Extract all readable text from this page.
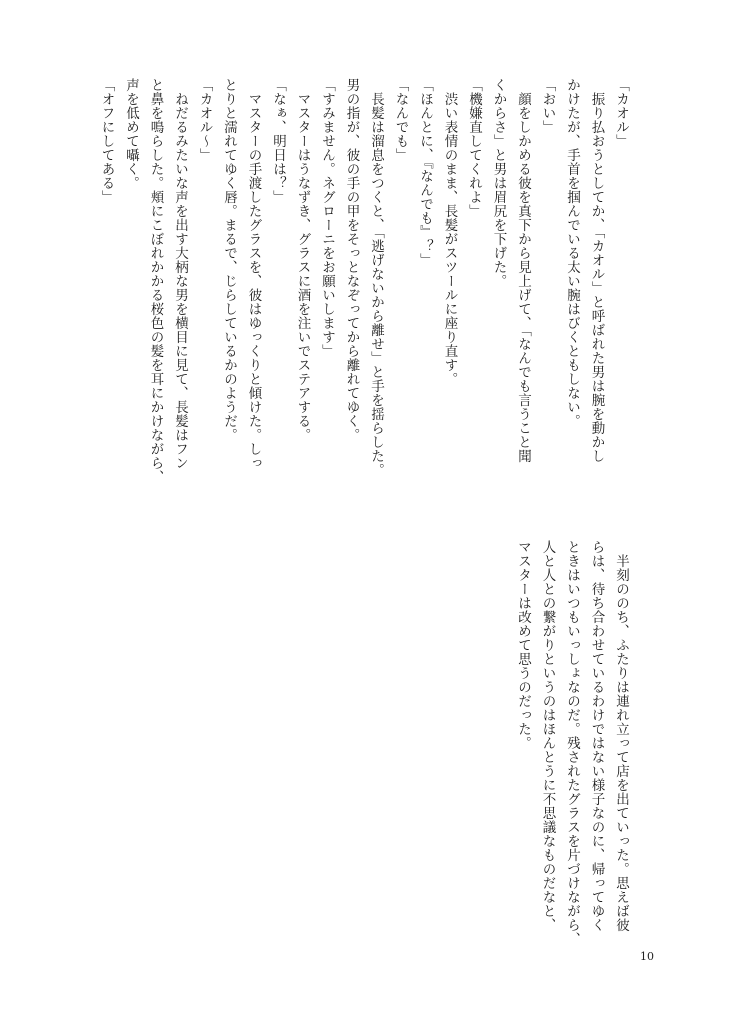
「カオル」
　振り払おうとしてか、「カオル」と呼ばれた男は腕を動かし
かけたが、手首を掴んでいる太い腕はびくともしない。
「おい」
　顔をしかめる彼を真下から見上げて、「なんでも言うこと聞
くからさ」と男は眉尻を下げた。
「機嫌直してくれよ」
　渋い表情のまま、長髪がスツールに座り直す。
「ほんとに、『なんでも』？」
「なんでも」
　長髪は溜息をつくと、「逃げないから離せ」と手を揺らした。
男の指が、彼の手の甲をそっとなぞってから離れてゆく。
「すみません。ネグローニをお願いします」
　マスターはうなずき、グラスに酒を注いでステアする。
「なぁ、明日は？」
　マスターの手渡したグラスを、彼はゆっくりと傾けた。しっ
とりと濡れてゆく唇。まるで、じらしているかのようだ。
「カオル～」
　ねだるみたいな声を出す大柄な男を横目に見て、長髪はフン
と鼻を鳴らした。頬にこぼれかかる桜色の髪を耳にかけながら、
声を低めて囁く。
「オフにしてある」
　半刻ののち、ふたりは連れ立って店を出ていった。思えば彼
らは、待ち合わせているわけではない様子なのに、帰ってゆく
ときはいつもいっしょなのだ。残されたグラスを片づけながら、
人と人との繋がりというのはほんとうに不思議なものだなと、
マスターは改めて思うのだった。
10
